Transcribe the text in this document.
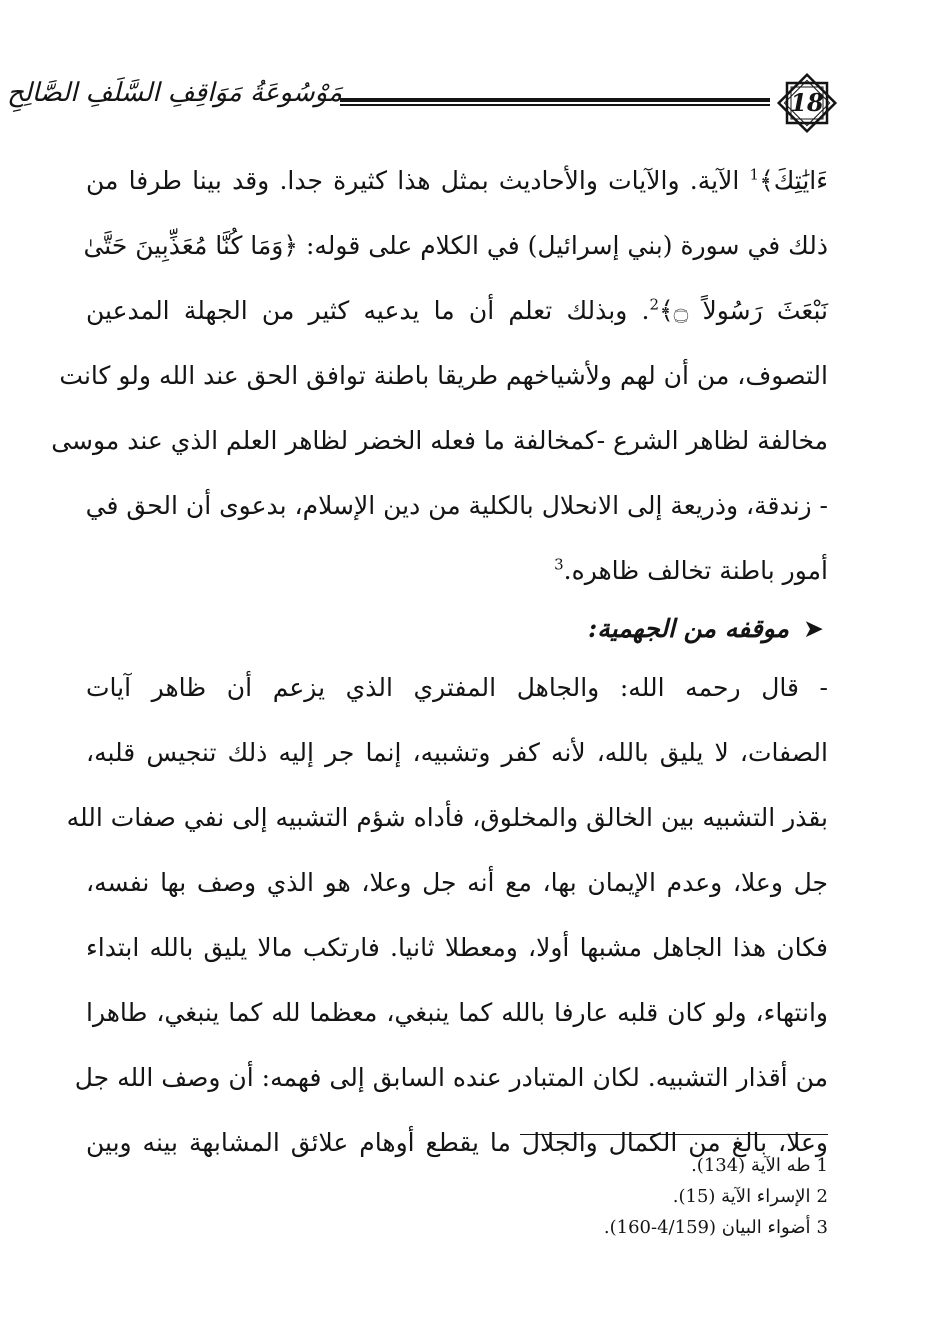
مَوْسُوعَةُ مَوَاقِفِ السَّلَفِ الصَّالِحِ	18
ءَايَٰتِكَ﴾$^1$ الآية. والآيات والأحاديث بمثل هذا كثيرة جدا. وقد بينا طرفا من
ذلك في سورة (بني إسرائيل) في الكلام على قوله: ﴿وَمَا كُنَّا مُعَذِّبِينَ حَتَّىٰ
نَبْعَثَ رَسُولاً ۝﴾$^2$. وبذلك تعلم أن ما يدعيه كثير من الجهلة المدعين
التصوف، من أن لهم ولأشياخهم طريقا باطنة توافق الحق عند الله ولو كانت
مخالفة لظاهر الشرع -كمخالفة ما فعله الخضر لظاهر العلم الذي عند موسى
- زندقة، وذريعة إلى الانحلال بالكلية من دين الإسلام، بدعوى أن الحق في
أمور باطنة تخالف ظاهره.$^3$
➤موقفه من الجهمية:
- قال رحمه الله: والجاهل المفتري الذي يزعم أن ظاهر آيات
الصفات، لا يليق بالله، لأنه كفر وتشبيه، إنما جر إليه ذلك تنجيس قلبه،
بقذر التشبيه بين الخالق والمخلوق، فأداه شؤم التشبيه إلى نفي صفات الله
جل وعلا، وعدم الإيمان بها، مع أنه جل وعلا، هو الذي وصف بها نفسه،
فكان هذا الجاهل مشبها أولا، ومعطلا ثانيا. فارتكب مالا يليق بالله ابتداء
وانتهاء، ولو كان قلبه عارفا بالله كما ينبغي، معظما لله كما ينبغي، طاهرا
من أقذار التشبيه. لكان المتبادر عنده السابق إلى فهمه: أن وصف الله جل
وعلا، بالغ من الكمال والجلال ما يقطع أوهام علائق المشابهة بينه وبين
1طه الآية (134).
2الإسراء الآية (15).
3أضواء البيان (4/159-160).
